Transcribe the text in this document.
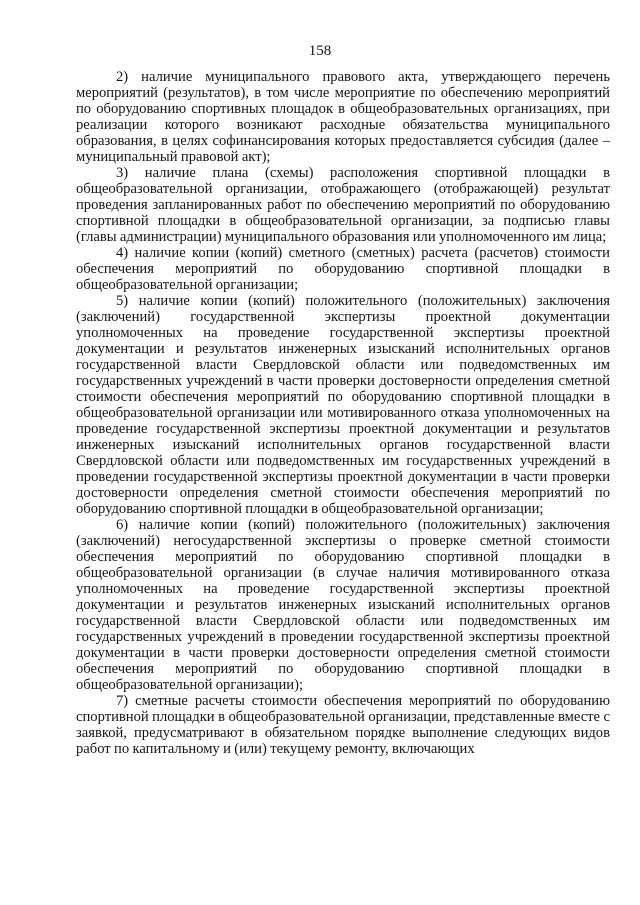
158

2) наличие муниципального правового акта, утверждающего перечень мероприятий (результатов), в том числе мероприятие по обеспечению мероприятий по оборудованию спортивных площадок в общеобразовательных организациях, при реализации которого возникают расходные обязательства муниципального образования, в целях софинансирования которых предоставляется субсидия (далее – муниципальный правовой акт);

3) наличие плана (схемы) расположения спортивной площадки в общеобразовательной организации, отображающего (отображающей) результат проведения запланированных работ по обеспечению мероприятий по оборудованию спортивной площадки в общеобразовательной организации, за подписью главы (главы администрации) муниципального образования или уполномоченного им лица;

4) наличие копии (копий) сметного (сметных) расчета (расчетов) стоимости обеспечения мероприятий по оборудованию спортивной площадки в общеобразовательной организации;

5) наличие копии (копий) положительного (положительных) заключения (заключений) государственной экспертизы проектной документации уполномоченных на проведение государственной экспертизы проектной документации и результатов инженерных изысканий исполнительных органов государственной власти Свердловской области или подведомственных им государственных учреждений в части проверки достоверности определения сметной стоимости обеспечения мероприятий по оборудованию спортивной площадки в общеобразовательной организации или мотивированного отказа уполномоченных на проведение государственной экспертизы проектной документации и результатов инженерных изысканий исполнительных органов государственной власти Свердловской области или подведомственных им государственных учреждений в проведении государственной экспертизы проектной документации в части проверки достоверности определения сметной стоимости обеспечения мероприятий по оборудованию спортивной площадки в общеобразовательной организации;

6) наличие копии (копий) положительного (положительных) заключения (заключений) негосударственной экспертизы о проверке сметной стоимости обеспечения мероприятий по оборудованию спортивной площадки в общеобразовательной организации (в случае наличия мотивированного отказа уполномоченных на проведение государственной экспертизы проектной документации и результатов инженерных изысканий исполнительных органов государственной власти Свердловской области или подведомственных им государственных учреждений в проведении государственной экспертизы проектной документации в части проверки достоверности определения сметной стоимости обеспечения мероприятий по оборудованию спортивной площадки в общеобразовательной организации);

7) сметные расчеты стоимости обеспечения мероприятий по оборудованию спортивной площадки в общеобразовательной организации, представленные вместе с заявкой, предусматривают в обязательном порядке выполнение следующих видов работ по капитальному и (или) текущему ремонту, включающих
